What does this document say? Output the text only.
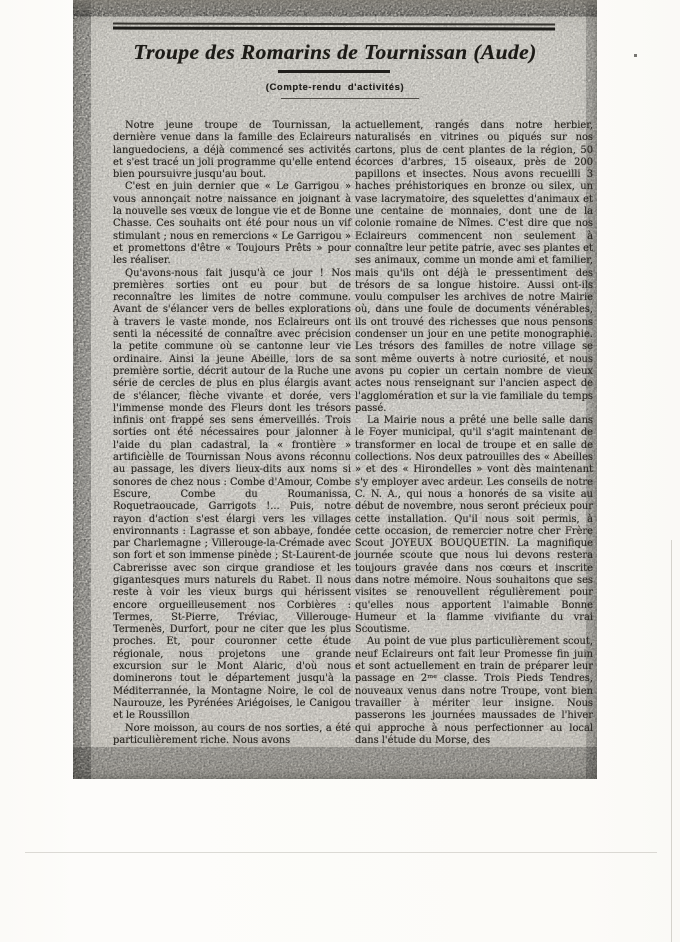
Troupe des Romarins de Tournissan (Aude)
(Compte-rendu d'activités)

Notre jeune troupe de Tournissan, la dernière venue dans la famille des Eclaireurs languedociens, a déjà commencé ses activités et s'est tracé un joli programme qu'elle entend bien poursuivre jusqu'au bout.

C'est en juin dernier que « Le Garrigou » vous annonçait notre naissance en joignant à la nouvelle ses vœux de longue vie et de Bonne Chasse. Ces souhaits ont été pour nous un vif stimulant ; nous en remercions « Le Garrigou » et promettons d'être « Toujours Prêts » pour les réaliser.

Qu'avons-nous fait jusqu'à ce jour ! Nos premières sorties ont eu pour but de reconnaître les limites de notre commune. Avant de s'élancer vers de belles explorations à travers le vaste monde, nos Eclaireurs ont senti la nécessité de connaître avec précision la petite commune où se cantonne leur vie ordinaire. Ainsi la jeune Abeille, lors de sa première sortie, décrit autour de la Ruche une série de cercles de plus en plus élargis avant de s'élancer, flèche vivante et dorée, vers l'immense monde des Fleurs dont les trésors infinis ont frappé ses sens émerveillés. Trois sorties ont été nécessaires pour jalonner à l'aide du plan cadastral, la « frontière » artificièlle de Tournissan Nous avons réconnu au passage, les divers lieux-dits aux noms si sonores de chez nous : Combe d'Amour, Combe Escure, Combe du Roumanissa, Roquetraoucade, Garrigots !... Puis, notre rayon d'action s'est élargi vers les villages environnants : Lagrasse et son abbaye, fondée par Charlemagne ; Villerouge-la-Crémade avec son fort et son immense pinède ; St-Laurent-de Cabrerisse avec son cirque grandiose et les gigantesques murs naturels du Rabet. Il nous reste à voir les vieux burgs qui hérissent encore orgueilleusement nos Corbières : Termes, St-Pierre, Tréviac, Villerouge-Termenès, Durfort, pour ne citer que les plus proches. Et, pour couronner cette étude régionale, nous projetons une grande excursion sur le Mont Alaric, d'où nous dominerons tout le département jusqu'à la Méditerrannée, la Montagne Noire, le col de Naurouze, les Pyrénées Ariégoises, le Canigou et le Roussillon

Nore moisson, au cours de nos sorties, a été particulièrement riche. Nous avons

actuellement, rangés dans notre herbier, naturalisés en vitrines ou piqués sur nos cartons, plus de cent plantes de la région, 50 écorces d'arbres, 15 oiseaux, près de 200 papillons et insectes. Nous avons recueilli 3 haches préhistoriques en bronze ou silex, un vase lacrymatoire, des squelettes d'animaux et une centaine de monnaies, dont une de la colonie romaine de Nîmes. C'est dire que nos Eclaireurs commencent non seulement à connaître leur petite patrie, avec ses plantes et ses animaux, comme un monde ami et familier, mais qu'ils ont déjà le pressentiment des trésors de sa longue histoire. Aussi ont-ils voulu compulser les archives de notre Mairie où, dans une foule de documents vénérables, ils ont trouvé des richesses que nous pensons condenser un jour en une petite monographie. Les trésors des familles de notre village se sont même ouverts à notre curiosité, et nous avons pu copier un certain nombre de vieux actes nous renseignant sur l'ancien aspect de l'agglomération et sur la vie familiale du temps passé.

La Mairie nous a prêté une belle salle dans le Foyer municipal, qu'il s'agit maintenant de transformer en local de troupe et en salle de collections. Nos deux patrouilles des « Abeilles » et des « Hirondelles » vont dès maintenant s'y employer avec ardeur. Les conseils de notre C. N. A., qui nous a honorés de sa visite au début de novembre, nous seront précieux pour cette installation. Qu'il nous soit permis, à cette occasion, de remercier notre cher Frère Scout JOYEUX BOUQUETIN. La magnifique journée scoute que nous lui devons restera toujours gravée dans nos cœurs et inscrite dans notre mémoire. Nous souhaitons que ses visites se renouvellent régulièrement pour qu'elles nous apportent l'aimable Bonne Humeur et la flamme vivifiante du vrai Scoutisme.

Au point de vue plus particulièrement scout, neuf Eclaireurs ont fait leur Promesse fin juin et sont actuellement en train de préparer leur passage en 2ᵐᵉ classe. Trois Pieds Tendres, nouveaux venus dans notre Troupe, vont bien travailler à mériter leur insigne. Nous passerons les journées maussades de l'hiver qui approche à nous perfectionner au local dans l'étude du Morse, des
